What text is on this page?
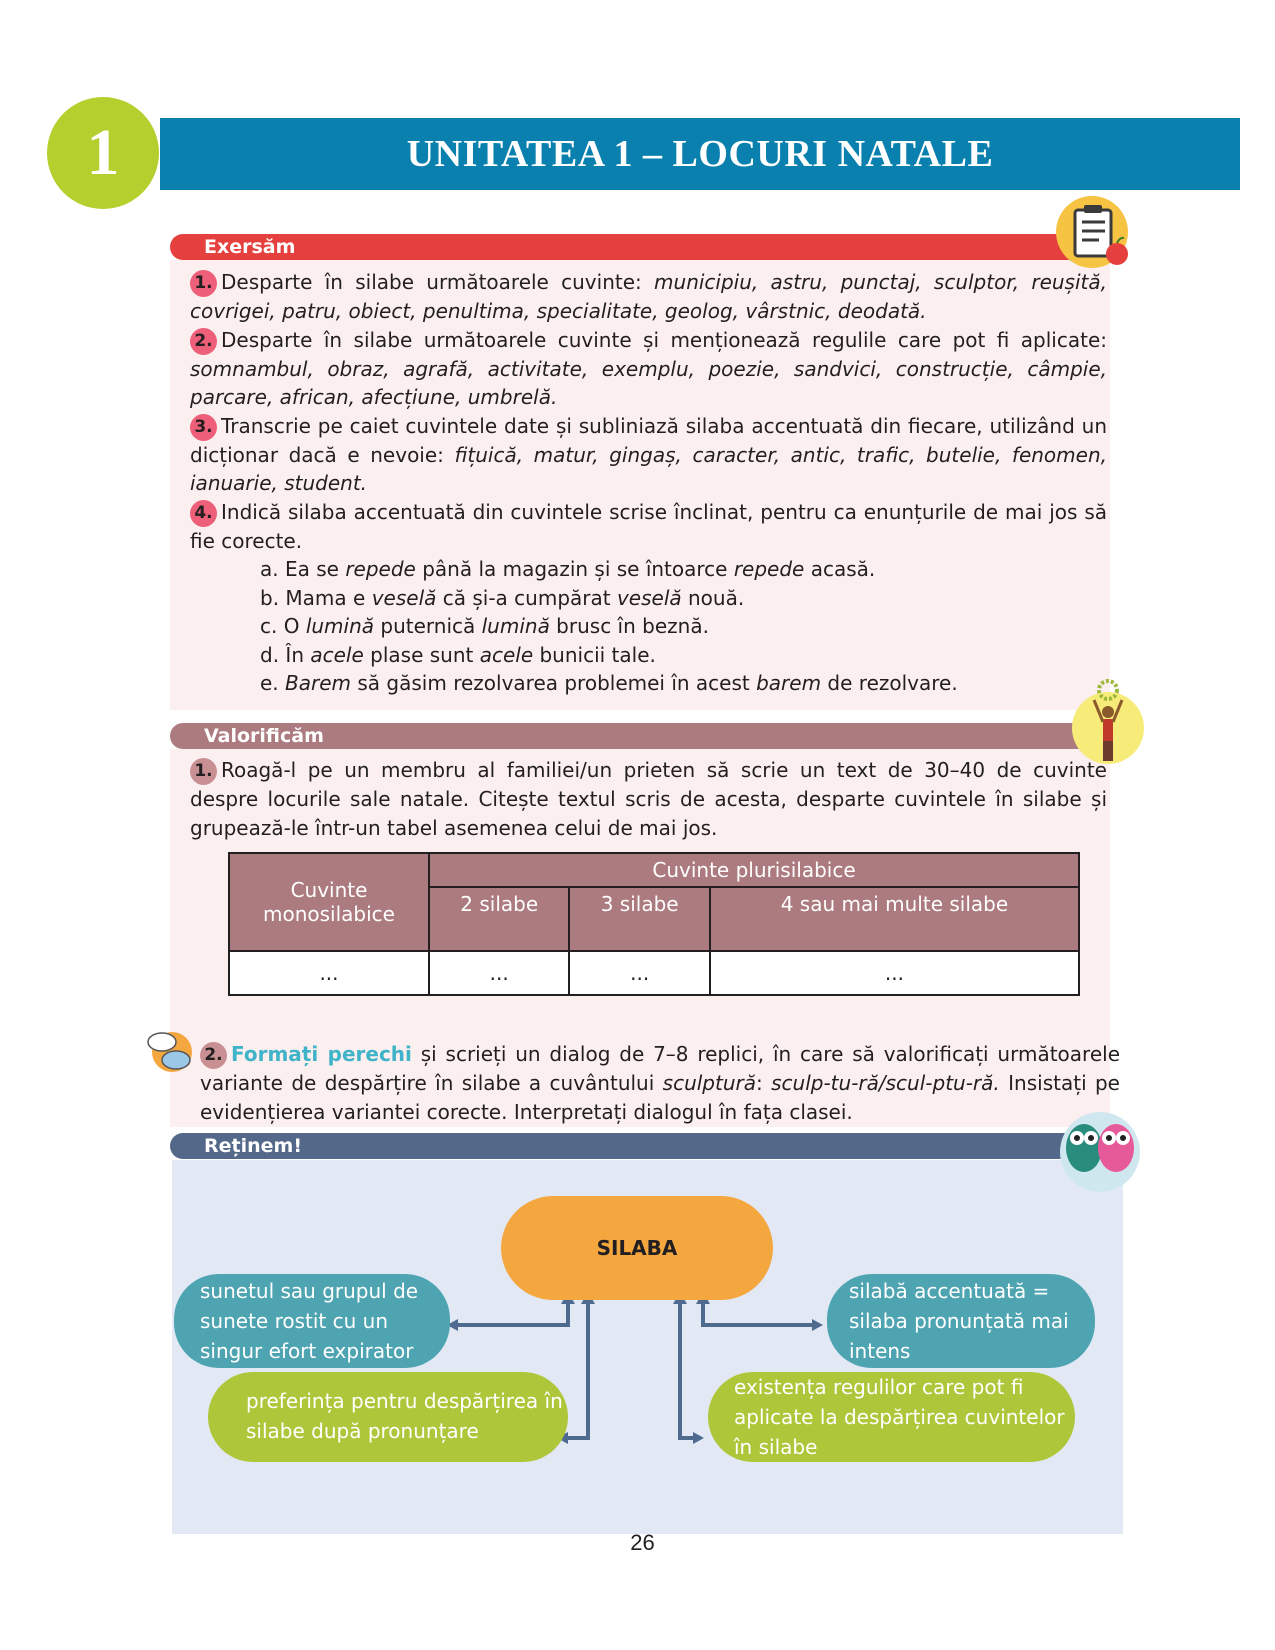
UNITATEA 1 – LOCURI NATALE
1
Exersăm
1. Desparte în silabe următoarele cuvinte: municipiu, astru, punctaj, sculptor, reușită, covrigei, patru, obiect, penultima, specialitate, geolog, vârstnic, deodată.
2. Desparte în silabe următoarele cuvinte și menționează regulile care pot fi aplicate: somnambul, obraz, agrafă, activitate, exemplu, poezie, sandvici, construcție, câmpie, parcare, african, afecțiune, umbrelă.
3. Transcrie pe caiet cuvintele date și subliniază silaba accentuată din fiecare, utilizând un dicționar dacă e nevoie: fițuică, matur, gingaș, caracter, antic, trafic, butelie, fenomen, ianuarie, student.
4. Indică silaba accentuată din cuvintele scrise înclinat, pentru ca enunțurile de mai jos să fie corecte.
a. Ea se repede până la magazin și se întoarce repede acasă.
b. Mama e veselă că și-a cumpărat veselă nouă.
c. O lumină puternică lumină brusc în beznă.
d. În acele plase sunt acele bunicii tale.
e. Barem să găsim rezolvarea problemei în acest barem de rezolvare.
Valorificăm
1. Roagă-l pe un membru al familiei/un prieten să scrie un text de 30–40 de cuvinte despre locurile sale natale. Citește textul scris de acesta, desparte cuvintele în silabe și grupează-le într-un tabel asemenea celui de mai jos.
Cuvinte monosilabice	Cuvinte plurisilabice		
	2 silabe	3 silabe	4 sau mai multe silabe
...	...	...	...
2. Formați perechi și scrieți un dialog de 7–8 replici, în care să valorificați următoarele variante de despărțire în silabe a cuvântului sculptură: sculp-tu-ră/scul-ptu-ră. Insistați pe evidențierea variantei corecte. Interpretați dialogul în fața clasei.
Reținem!
SILABA
sunetul sau grupul de sunete rostit cu un singur efort expirator
silabă accentuată = silaba pronunțată mai intens
preferința pentru despărțirea în silabe după pronunțare
existența regulilor care pot fi aplicate la despărțirea cuvintelor în silabe
26
